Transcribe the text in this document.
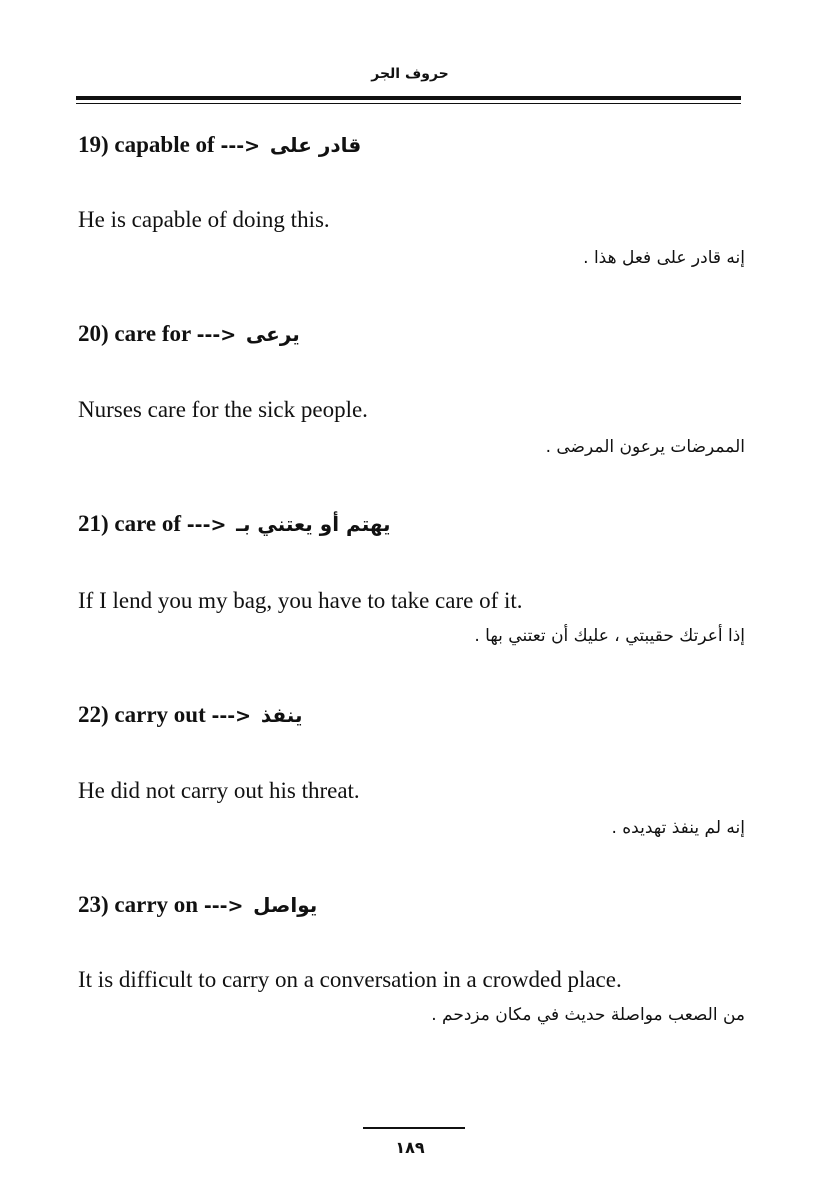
حروف الجر
19) capable of ---> قادر على
He is capable of doing this.
إنه قادر على فعل هذا .
20) care for ---> يرعى
Nurses care for the sick people.
الممرضات يرعون المرضى .
21) care of ---> يهتم أو يعتني بـ
If I lend you my bag, you have to take care of it.
إذا أعرتك حقيبتي ، عليك أن تعتني بها .
22) carry out ---> ينفذ
He did not carry out his threat.
إنه لم ينفذ تهديده .
23) carry on ---> يواصل
It is difficult to carry on a conversation in a crowded place.
من الصعب مواصلة حديث في مكان مزدحم .
١٨٩
